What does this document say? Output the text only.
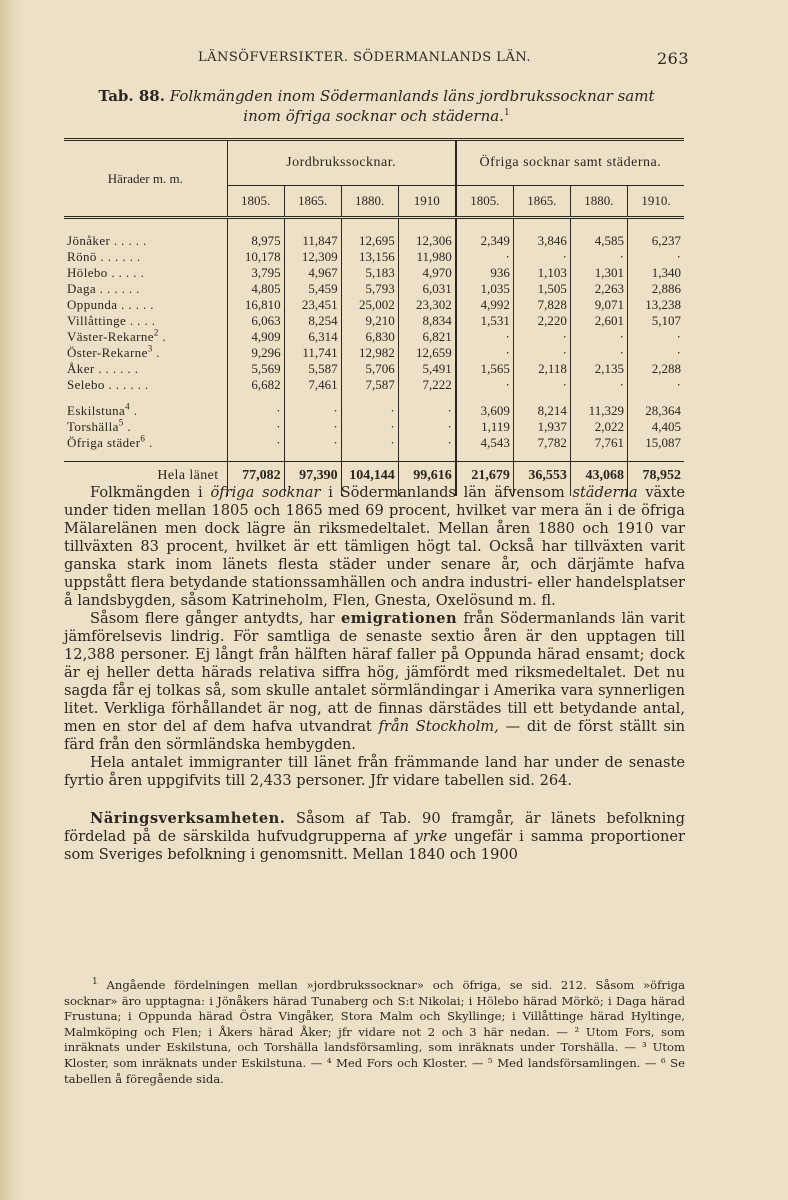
LÄNSÖFVERSIKTER. SÖDERMANLANDS LÄN.	263
Tab. 88. Folkmängden inom Södermanlands läns jordbrukssocknar samt
inom öfriga socknar och städerna.$^1$
Härader m. m.	Jordbrukssocknar.				Öfriga socknar samt städerna.			
	1805.	1865.	1880.	1910	1805.	1865.	1880.	1910.

Jönåker . . . . .	8,975	11,847	12,695	12,306	2,349	3,846	4,585	6,237
Rönö . . . . . .	10,178	12,309	13,156	11,980	·	·	·	·
Hölebo . . . . .	3,795	4,967	5,183	4,970	936	1,103	1,301	1,340
Daga . . . . . .	4,805	5,459	5,793	6,031	1,035	1,505	2,263	2,886
Oppunda . . . . .	16,810	23,451	25,002	23,302	4,992	7,828	9,071	13,238
Villåttinge . . . .	6,063	8,254	9,210	8,834	1,531	2,220	2,601	5,107
Väster-Rekarne$^2$ .	4,909	6,314	6,830	6,821	·	·	·	·
Öster-Rekarne$^3$ .	9,296	11,741	12,982	12,659	·	·	·	·
Åker . . . . . .	5,569	5,587	5,706	5,491	1,565	2,118	2,135	2,288
Selebo . . . . . .	6,682	7,461	7,587	7,222	·	·	·	·

Eskilstuna$^4$ .	·	·	·	·	3,609	8,214	11,329	28,364
Torshälla$^5$ .	·	·	·	·	1,119	1,937	2,022	4,405
Öfriga städer$^6$ .	·	·	·	·	4,543	7,782	7,761	15,087

Hela länet	77,082	97,390	104,144	99,616	21,679	36,553	43,068	78,952

Folkmängden i öfriga socknar i Södermanlands län äfvensom städerna växte under tiden mellan 1805 och 1865 med 69 procent, hvilket var mera än i de öfriga Mälarelänen men dock lägre än riksmedeltalet. Mellan åren 1880 och 1910 var tillväxten 83 procent, hvilket är ett tämligen högt tal. Också har tillväxten varit ganska stark inom länets flesta städer under senare år, och därjämte hafva uppstått flera betydande stationssamhällen och andra industri- eller handelsplatser å landsbygden, såsom Katrineholm, Flen, Gnesta, Oxelösund m. fl.

Såsom flere gånger antydts, har emigrationen från Södermanlands län varit jämförelsevis lindrig. För samtliga de senaste sextio åren är den upptagen till 12,388 personer. Ej långt från hälften häraf faller på Oppunda härad ensamt; dock är ej heller detta härads relativa siffra hög, jämfördt med riksmedeltalet. Det nu sagda får ej tolkas så, som skulle antalet sörmländingar i Amerika vara synnerligen litet. Verkliga förhållandet är nog, att de finnas därstädes till ett betydande antal, men en stor del af dem hafva utvandrat från Stockholm, — dit de först ställt sin färd från den sörmländska hembygden.

Hela antalet immigranter till länet från främmande land har under de senaste fyrtio åren uppgifvits till 2,433 personer. Jfr vidare tabellen sid. 264.

Näringsverksamheten. Såsom af Tab. 90 framgår, är länets befolkning fördelad på de särskilda hufvudgrupperna af yrke ungefär i samma proportioner som Sveriges befolkning i genomsnitt. Mellan 1840 och 1900

$^1$ Angående fördelningen mellan »jordbrukssocknar» och öfriga, se sid. 212. Såsom »öfriga socknar» äro upptagna: i Jönåkers härad Tunaberg och S:t Nikolai; i Hölebo härad Mörkö; i Daga härad Frustuna; i Oppunda härad Östra Vingåker, Stora Malm och Skyllinge; i Villåttinge härad Hyltinge, Malmköping och Flen; i Åkers härad Åker; jfr vidare not 2 och 3 här nedan. — ² Utom Fors, som inräknats under Eskilstuna, och Torshälla landsförsamling, som inräknats under Torshälla. — ³ Utom Kloster, som inräknats under Eskilstuna. — ⁴ Med Fors och Kloster. — ⁵ Med landsförsamlingen. — ⁶ Se tabellen å föregående sida.
